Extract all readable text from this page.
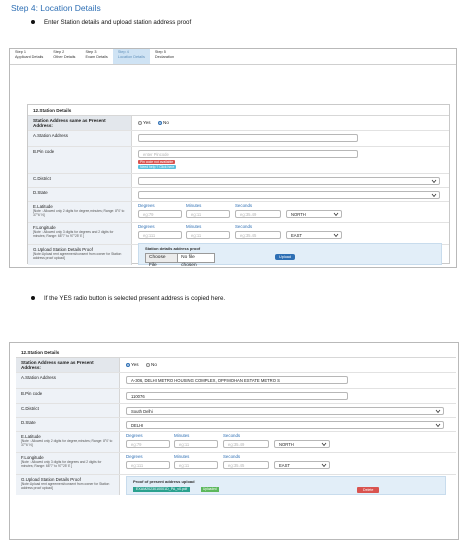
Step 4: Location Details
Enter Station details and upload station address proof
Step 1
Applicant Details
Step 2
Other Details
Step 3
Exam Details
Step 4
Location Details
Step 5
Declaration
12.Station Details
Station Address same as Present Address:
Yes	No
A.Station Address
B.Pin code
enter Pincode
Pin code not available
Need help ? Click here
C.District
D.State
E.Latitude
[Note : Allowed only 2 digits for degree,minutes; Range: 8°0' to 37°6' N]
Degrees	Minutes	Seconds
eg:79	eg:11	eg:35.49	NORTH
F.Longitude
[Note : Allowed only 3 digits for degrees and 2 digits for minutes; Range: 68°7' to 97°25' E ]
Degrees	Minutes	Seconds
eg:111	eg:11	eg:35.45	EAST
G.Upload Station Details Proof
[Note:Upload rent agreement/consent from owner for Station address proof upload]
Station details address proof
Choose File
No file chosen
Upload
If the YES radio button is selected present address is copied here.
12.Station Details
Station Address same as Present Address:
Yes	No
A.Station Address
A-306, DELHI METRO HOUSING COMPLEX, OPP.MOHAN ESTATE METRO S
B.Pin code
110076
C.District
South Delhi
D.State
DELHI
E.Latitude
[Note : Allowed only 2 digits for degree,minutes; Range: 8°0' to 37°6' N]
Degrees	Minutes	Seconds
eg:79	eg:11	eg:35.49	NORTH
F.Longitude
[Note : Allowed only 3 digits for degrees and 2 digits for minutes; Range: 68°7' to 97°25' E ]
Degrees	Minutes	Seconds
eg:111	eg:11	eg:35.45	EAST
G.Upload Station Details Proof
[Note:Upload rent agreement/consent from owner for Station address proof upload]
Proof of present address upload
EXAM2023010001D_PA_v0.pdf	Uploaded	Delete
